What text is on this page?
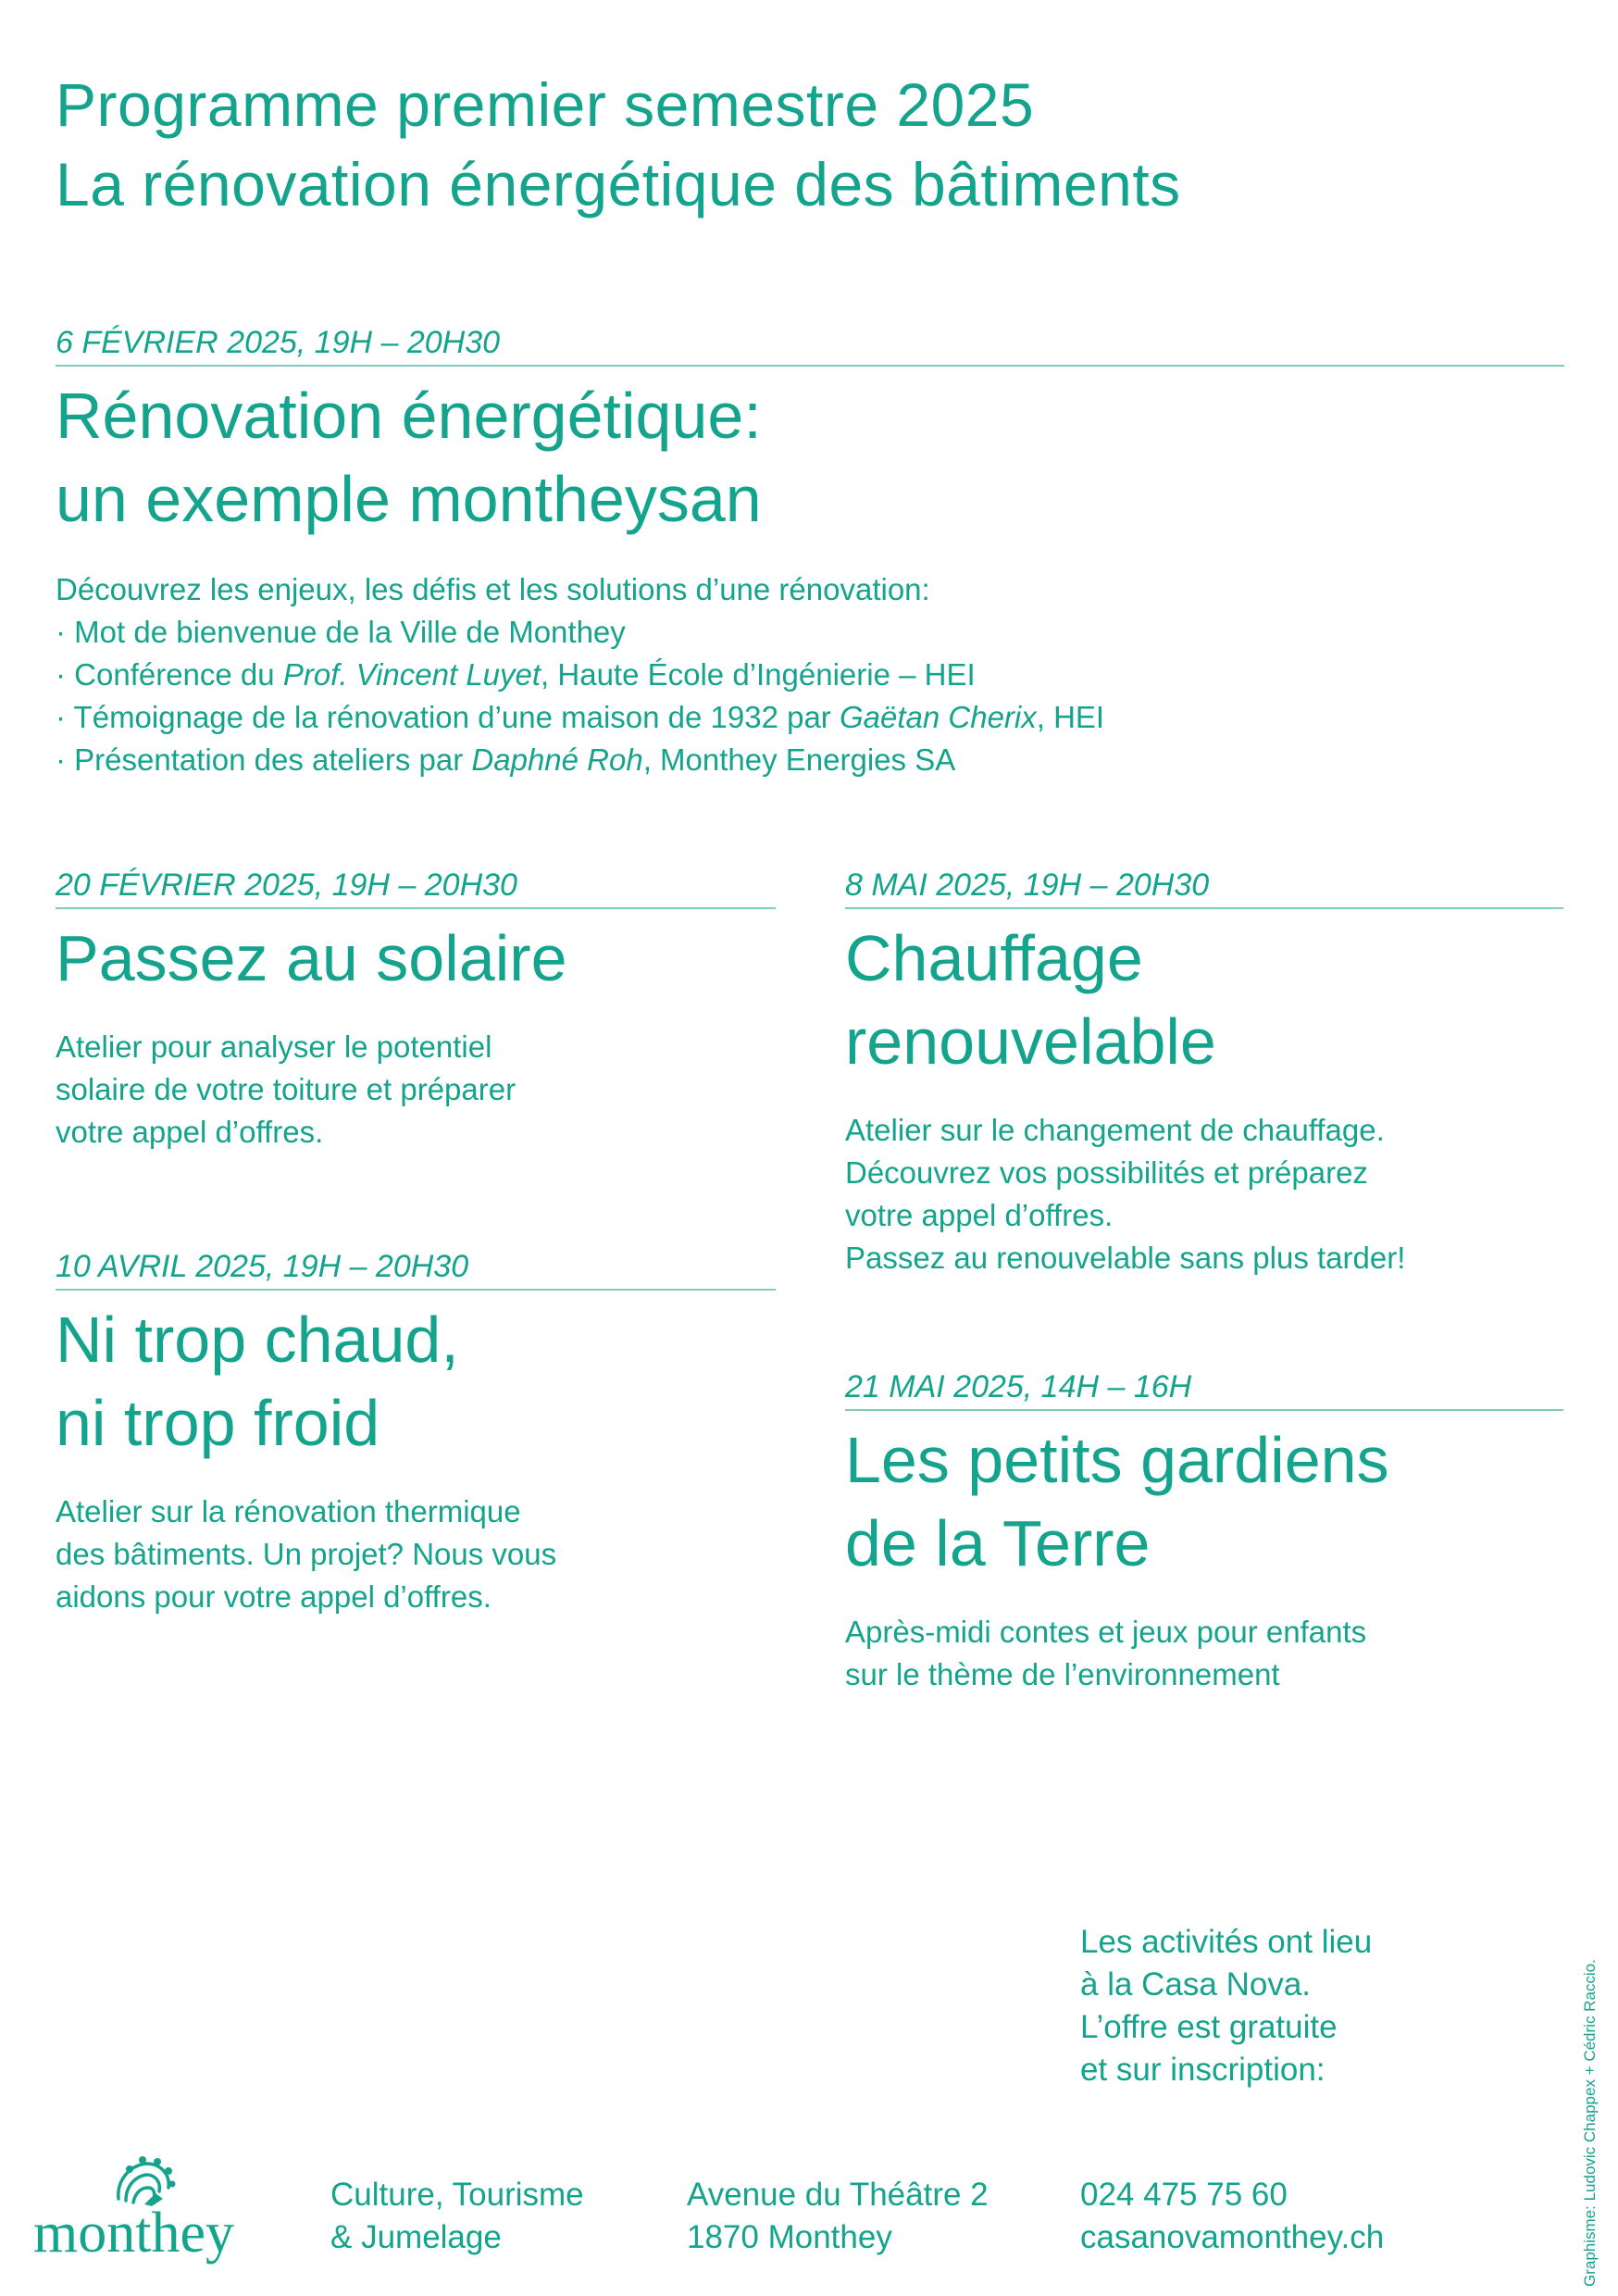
Programme premier semestre 2025
La rénovation énergétique des bâtiments
6 FÉVRIER 2025, 19H – 20H30
Rénovation énergétique:
un exemple montheysan
Découvrez les enjeux, les défis et les solutions d’une rénovation:
· Mot de bienvenue de la Ville de Monthey
· Conférence du Prof. Vincent Luyet, Haute École d’Ingénierie – HEI
· Témoignage de la rénovation d’une maison de 1932 par Gaëtan Cherix, HEI
· Présentation des ateliers par Daphné Roh, Monthey Energies SA
20 FÉVRIER 2025, 19H – 20H30
Passez au solaire
Atelier pour analyser le potentiel
solaire de votre toiture et préparer
votre appel d’offres.
10 AVRIL 2025, 19H – 20H30
Ni trop chaud,
ni trop froid
Atelier sur la rénovation thermique
des bâtiments. Un projet? Nous vous
aidons pour votre appel d’offres.
8 MAI 2025, 19H – 20H30
Chauffage
renouvelable
Atelier sur le changement de chauffage.
Découvrez vos possibilités et préparez
votre appel d’offres.
Passez au renouvelable sans plus tarder!
21 MAI 2025, 14H – 16H
Les petits gardiens
de la Terre
Après-midi contes et jeux pour enfants
sur le thème de l’environnement
Les activités ont lieu
à la Casa Nova.
L’offre est gratuite
et sur inscription:
monthey
Culture, Tourisme
& Jumelage
Avenue du Théâtre 2
1870 Monthey
024 475 75 60
casanovamonthey.ch	Graphisme: Ludovic Chappex + Cédric Raccio.
